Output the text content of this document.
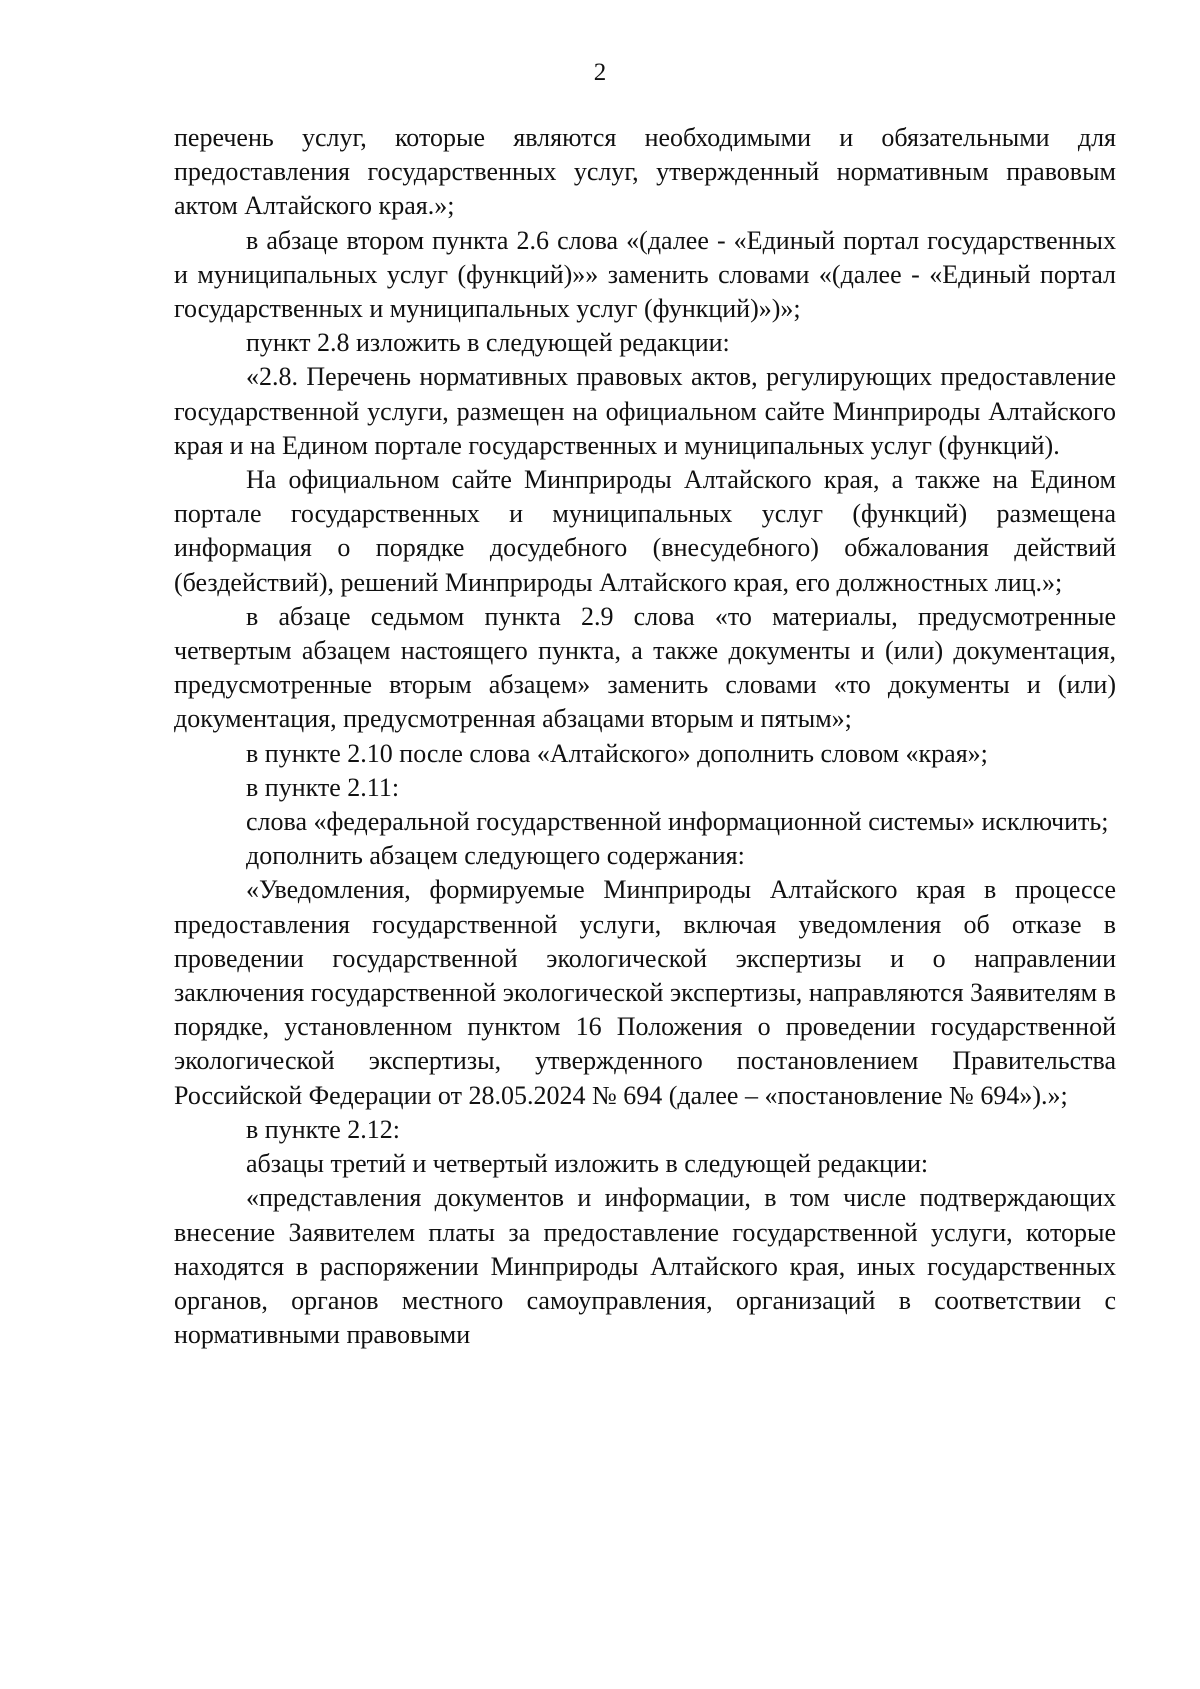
2

перечень услуг, которые являются необходимыми и обязательными для предоставления государственных услуг, утвержденный нормативным правовым актом Алтайского края.»;

в абзаце втором пункта 2.6 слова «(далее - «Единый портал государственных и муниципальных услуг (функций)»» заменить словами «(далее - «Единый портал государственных и муниципальных услуг (функций)»)»;

пункт 2.8 изложить в следующей редакции:

«2.8. Перечень нормативных правовых актов, регулирующих предоставление государственной услуги, размещен на официальном сайте Минприроды Алтайского края и на Едином портале государственных и муниципальных услуг (функций).

На официальном сайте Минприроды Алтайского края, а также на Едином портале государственных и муниципальных услуг (функций) размещена информация о порядке досудебного (внесудебного) обжалования действий (бездействий), решений Минприроды Алтайского края, его должностных лиц.»;

в абзаце седьмом пункта 2.9 слова «то материалы, предусмотренные четвертым абзацем настоящего пункта, а также документы и (или) документация, предусмотренные вторым абзацем» заменить словами «то документы и (или) документация, предусмотренная абзацами вторым и пятым»;

в пункте 2.10 после слова «Алтайского» дополнить словом «края»;

в пункте 2.11:

слова «федеральной государственной информационной системы» исключить;

дополнить абзацем следующего содержания:

«Уведомления, формируемые Минприроды Алтайского края в процессе предоставления государственной услуги, включая уведомления об отказе в проведении государственной экологической экспертизы и о направлении заключения государственной экологической экспертизы, направляются Заявителям в порядке, установленном пунктом 16 Положения о проведении государственной экологической экспертизы, утвержденного постановлением Правительства Российской Федерации от 28.05.2024 № 694 (далее – «постановление № 694»).»;

в пункте 2.12:

абзацы третий и четвертый изложить в следующей редакции:

«представления документов и информации, в том числе подтверждающих внесение Заявителем платы за предоставление государственной услуги, которые находятся в распоряжении Минприроды Алтайского края, иных государственных органов, органов местного самоуправления, организаций в соответствии с нормативными правовыми
